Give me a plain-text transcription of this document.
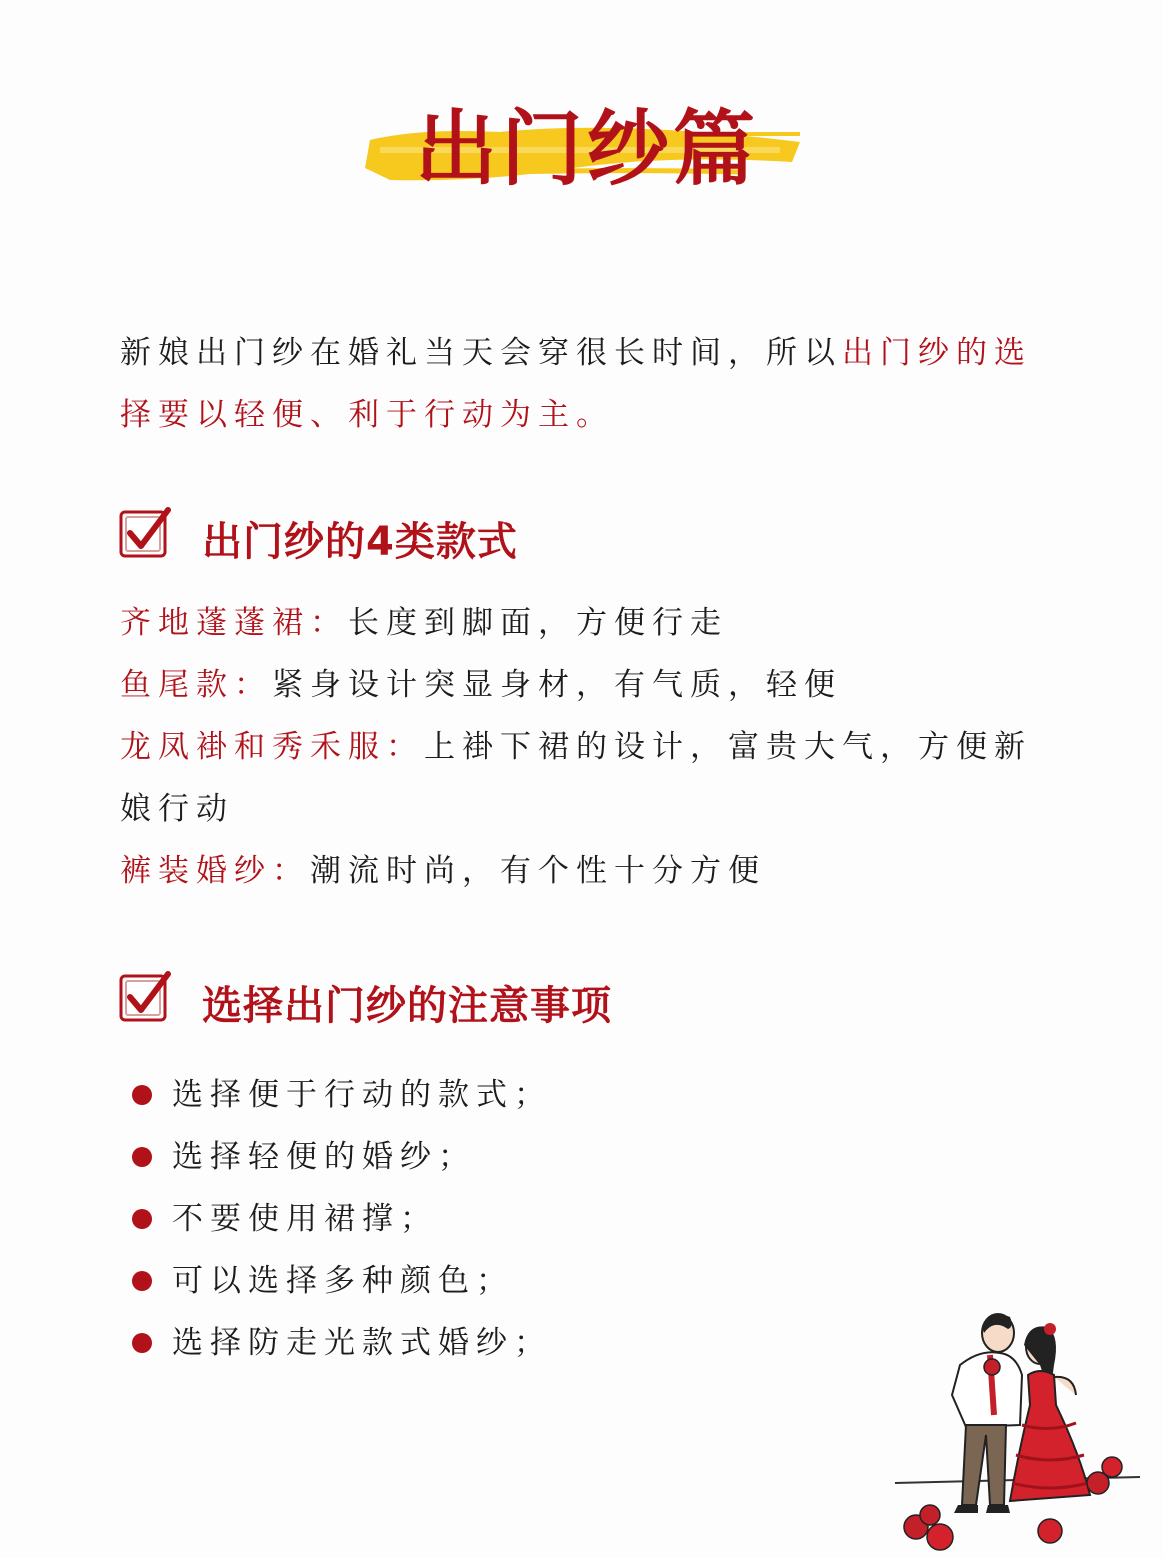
出门纱篇
新娘出门纱在婚礼当天会穿很长时间，所以出门纱的选择要以轻便、利于行动为主。
出门纱的4类款式
齐地蓬蓬裙：长度到脚面，方便行走
鱼尾款：紧身设计突显身材，有气质，轻便
龙凤褂和秀禾服：上褂下裙的设计，富贵大气，方便新娘行动
裤装婚纱：潮流时尚，有个性十分方便
选择出门纱的注意事项
选择便于行动的款式；
选择轻便的婚纱；
不要使用裙撑；
可以选择多种颜色；
选择防走光款式婚纱；
